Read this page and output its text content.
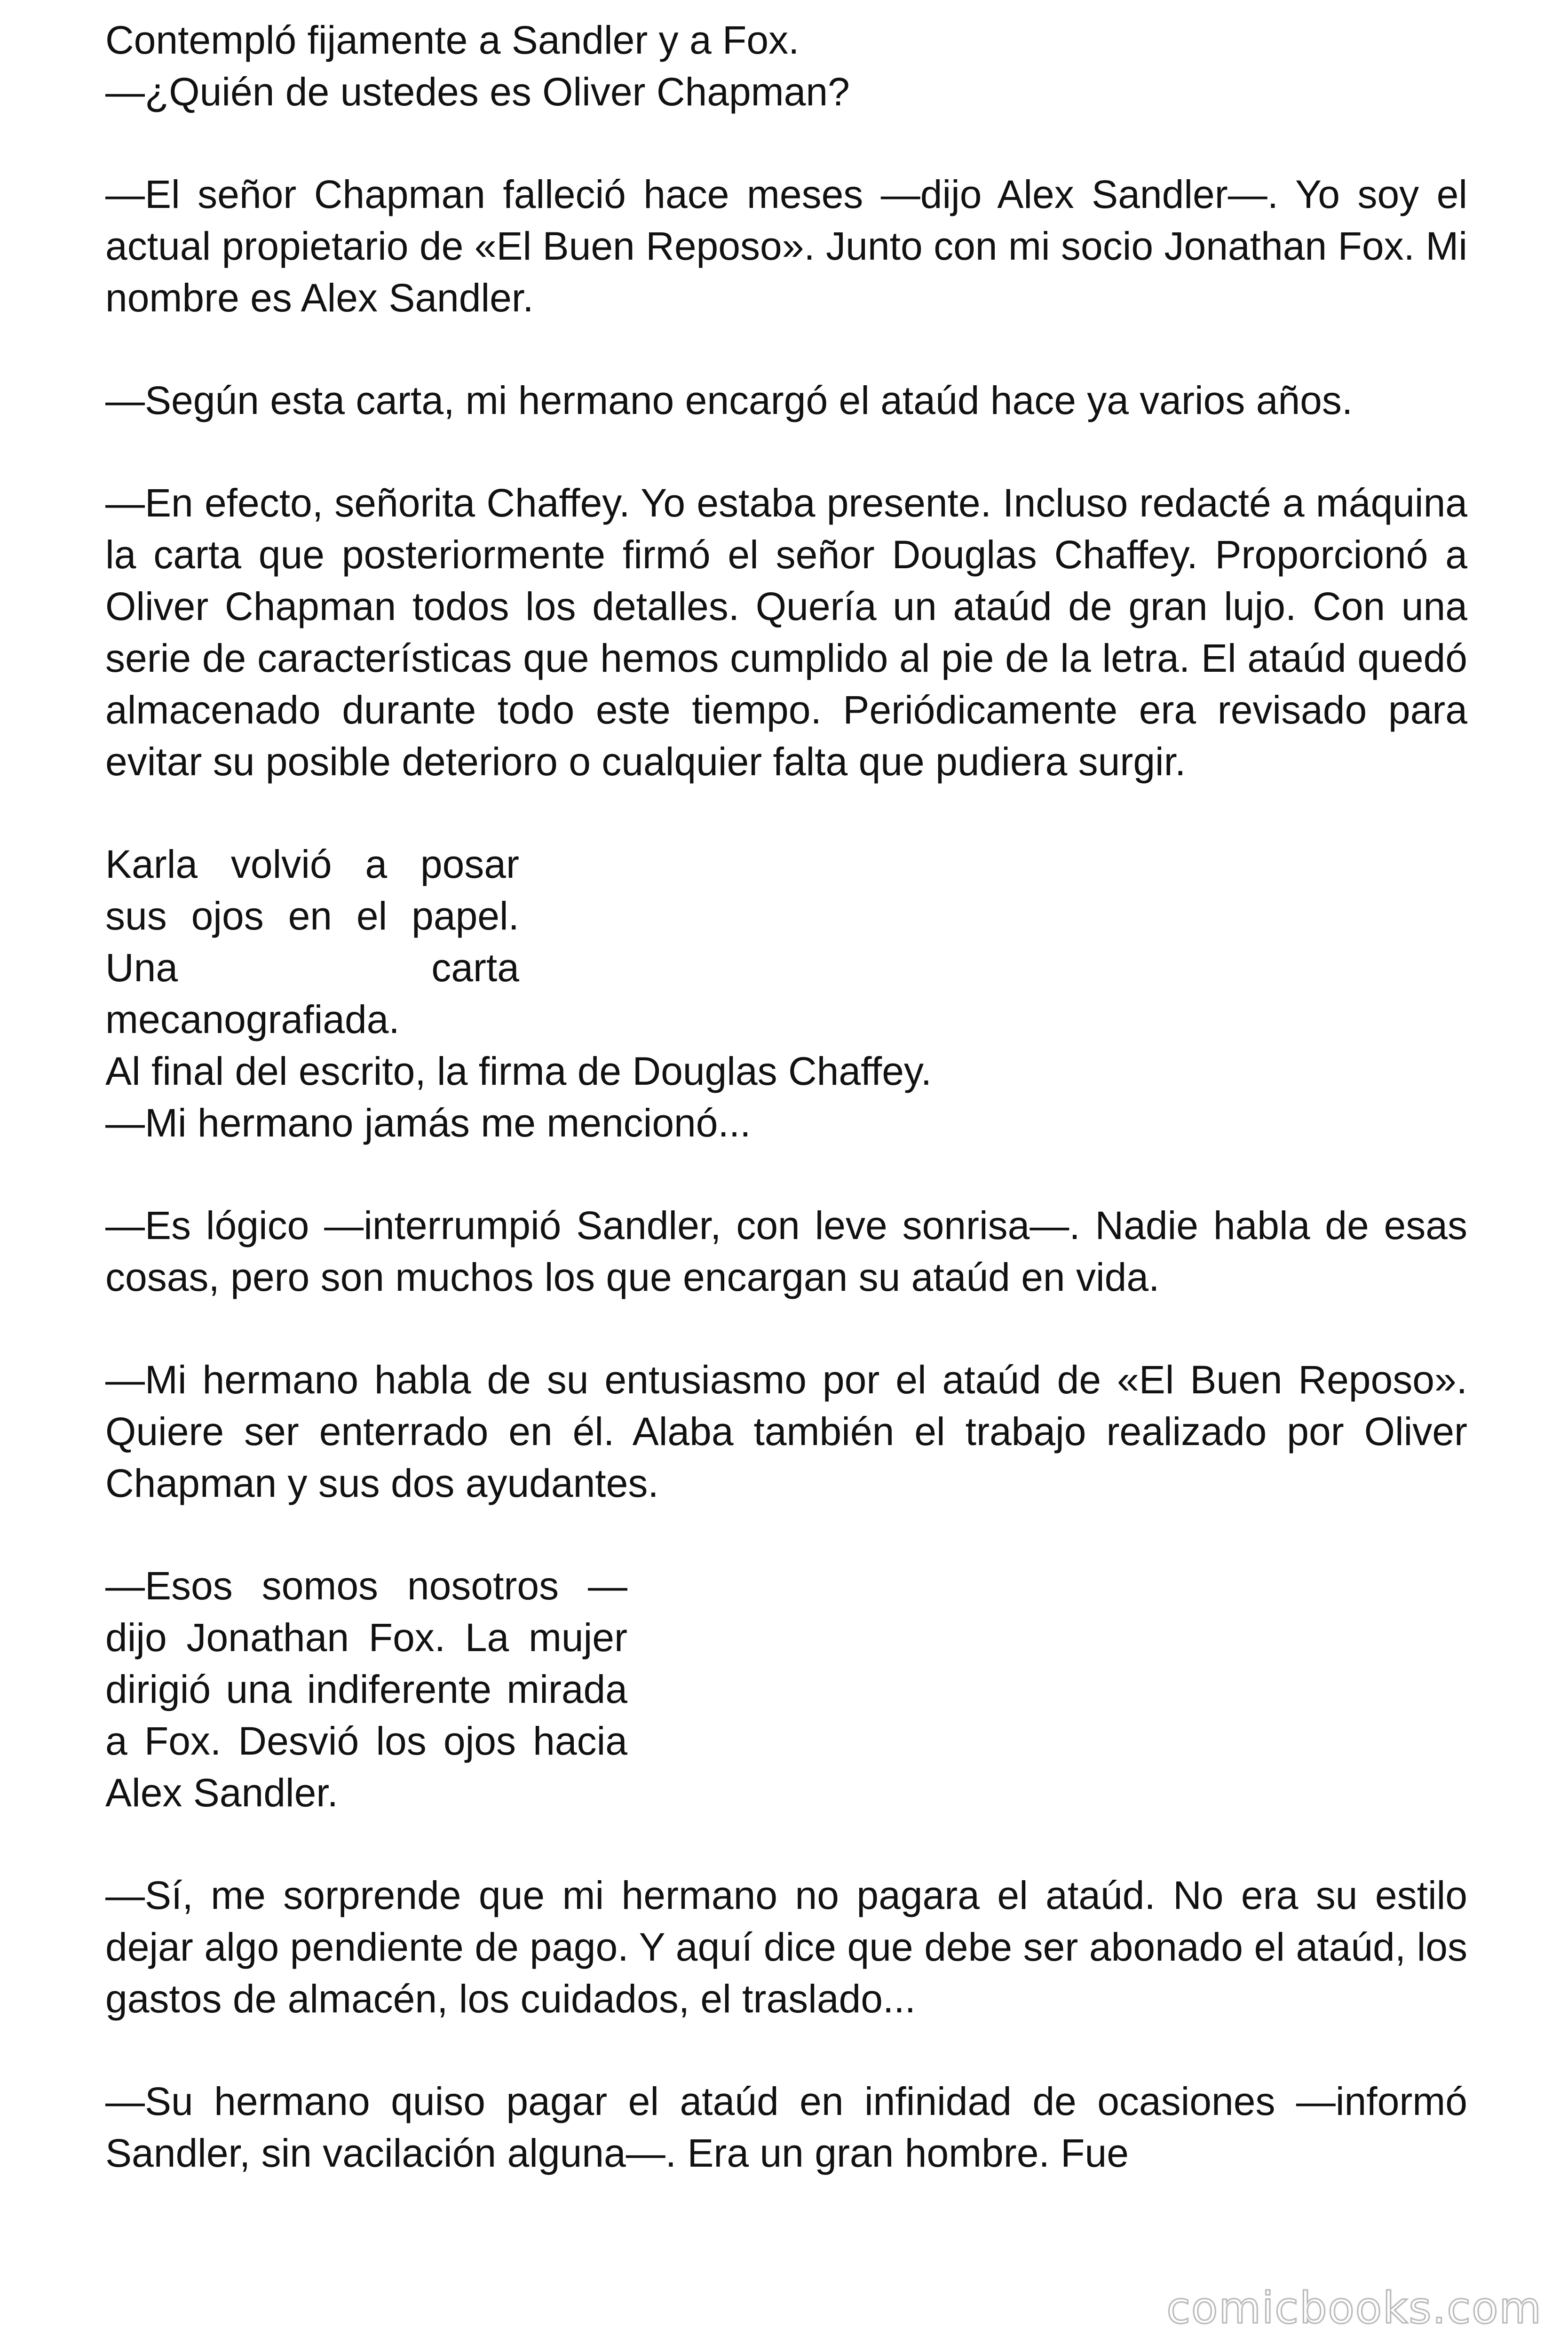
Contempló fijamente a Sandler y a Fox.
—¿Quién de ustedes es Oliver Chapman?

—El señor Chapman falleció hace meses —dijo Alex Sandler—. Yo soy el actual propietario de «El Buen Reposo». Junto con mi socio Jonathan Fox. Mi nombre es Alex Sandler.

—Según esta carta, mi hermano encargó el ataúd hace ya varios años.

—En efecto, señorita Chaffey. Yo estaba presente. Incluso redacté a máquina la carta que posteriormente firmó el señor Douglas Chaffey. Proporcionó a Oliver Chapman todos los detalles. Quería un ataúd de gran lujo. Con una serie de características que hemos cumplido al pie de la letra. El ataúd quedó almacenado durante todo este tiempo. Periódicamente era revisado para evitar su posible deterioro o cualquier falta que pudiera surgir.

Karla volvió a posar sus ojos en el papel. Una carta mecanografiada.
Al final del escrito, la firma de Douglas Chaffey.
—Mi hermano jamás me mencionó...

—Es lógico —interrumpió Sandler, con leve sonrisa—. Nadie habla de esas cosas, pero son muchos los que encargan su ataúd en vida.

—Mi hermano habla de su entusiasmo por el ataúd de «El Buen Reposo». Quiere ser enterrado en él. Alaba también el trabajo realizado por Oliver Chapman y sus dos ayudantes.

—Esos somos nosotros —dijo Jonathan Fox. La mujer dirigió una indiferente mirada a Fox. Desvió los ojos hacia Alex Sandler.

—Sí, me sorprende que mi hermano no pagara el ataúd. No era su estilo dejar algo pendiente de pago. Y aquí dice que debe ser abonado el ataúd, los gastos de almacén, los cuidados, el traslado...

—Su hermano quiso pagar el ataúd en infinidad de ocasiones —informó Sandler, sin vacilación alguna—. Era un gran hombre. Fue

comicbooks.com
